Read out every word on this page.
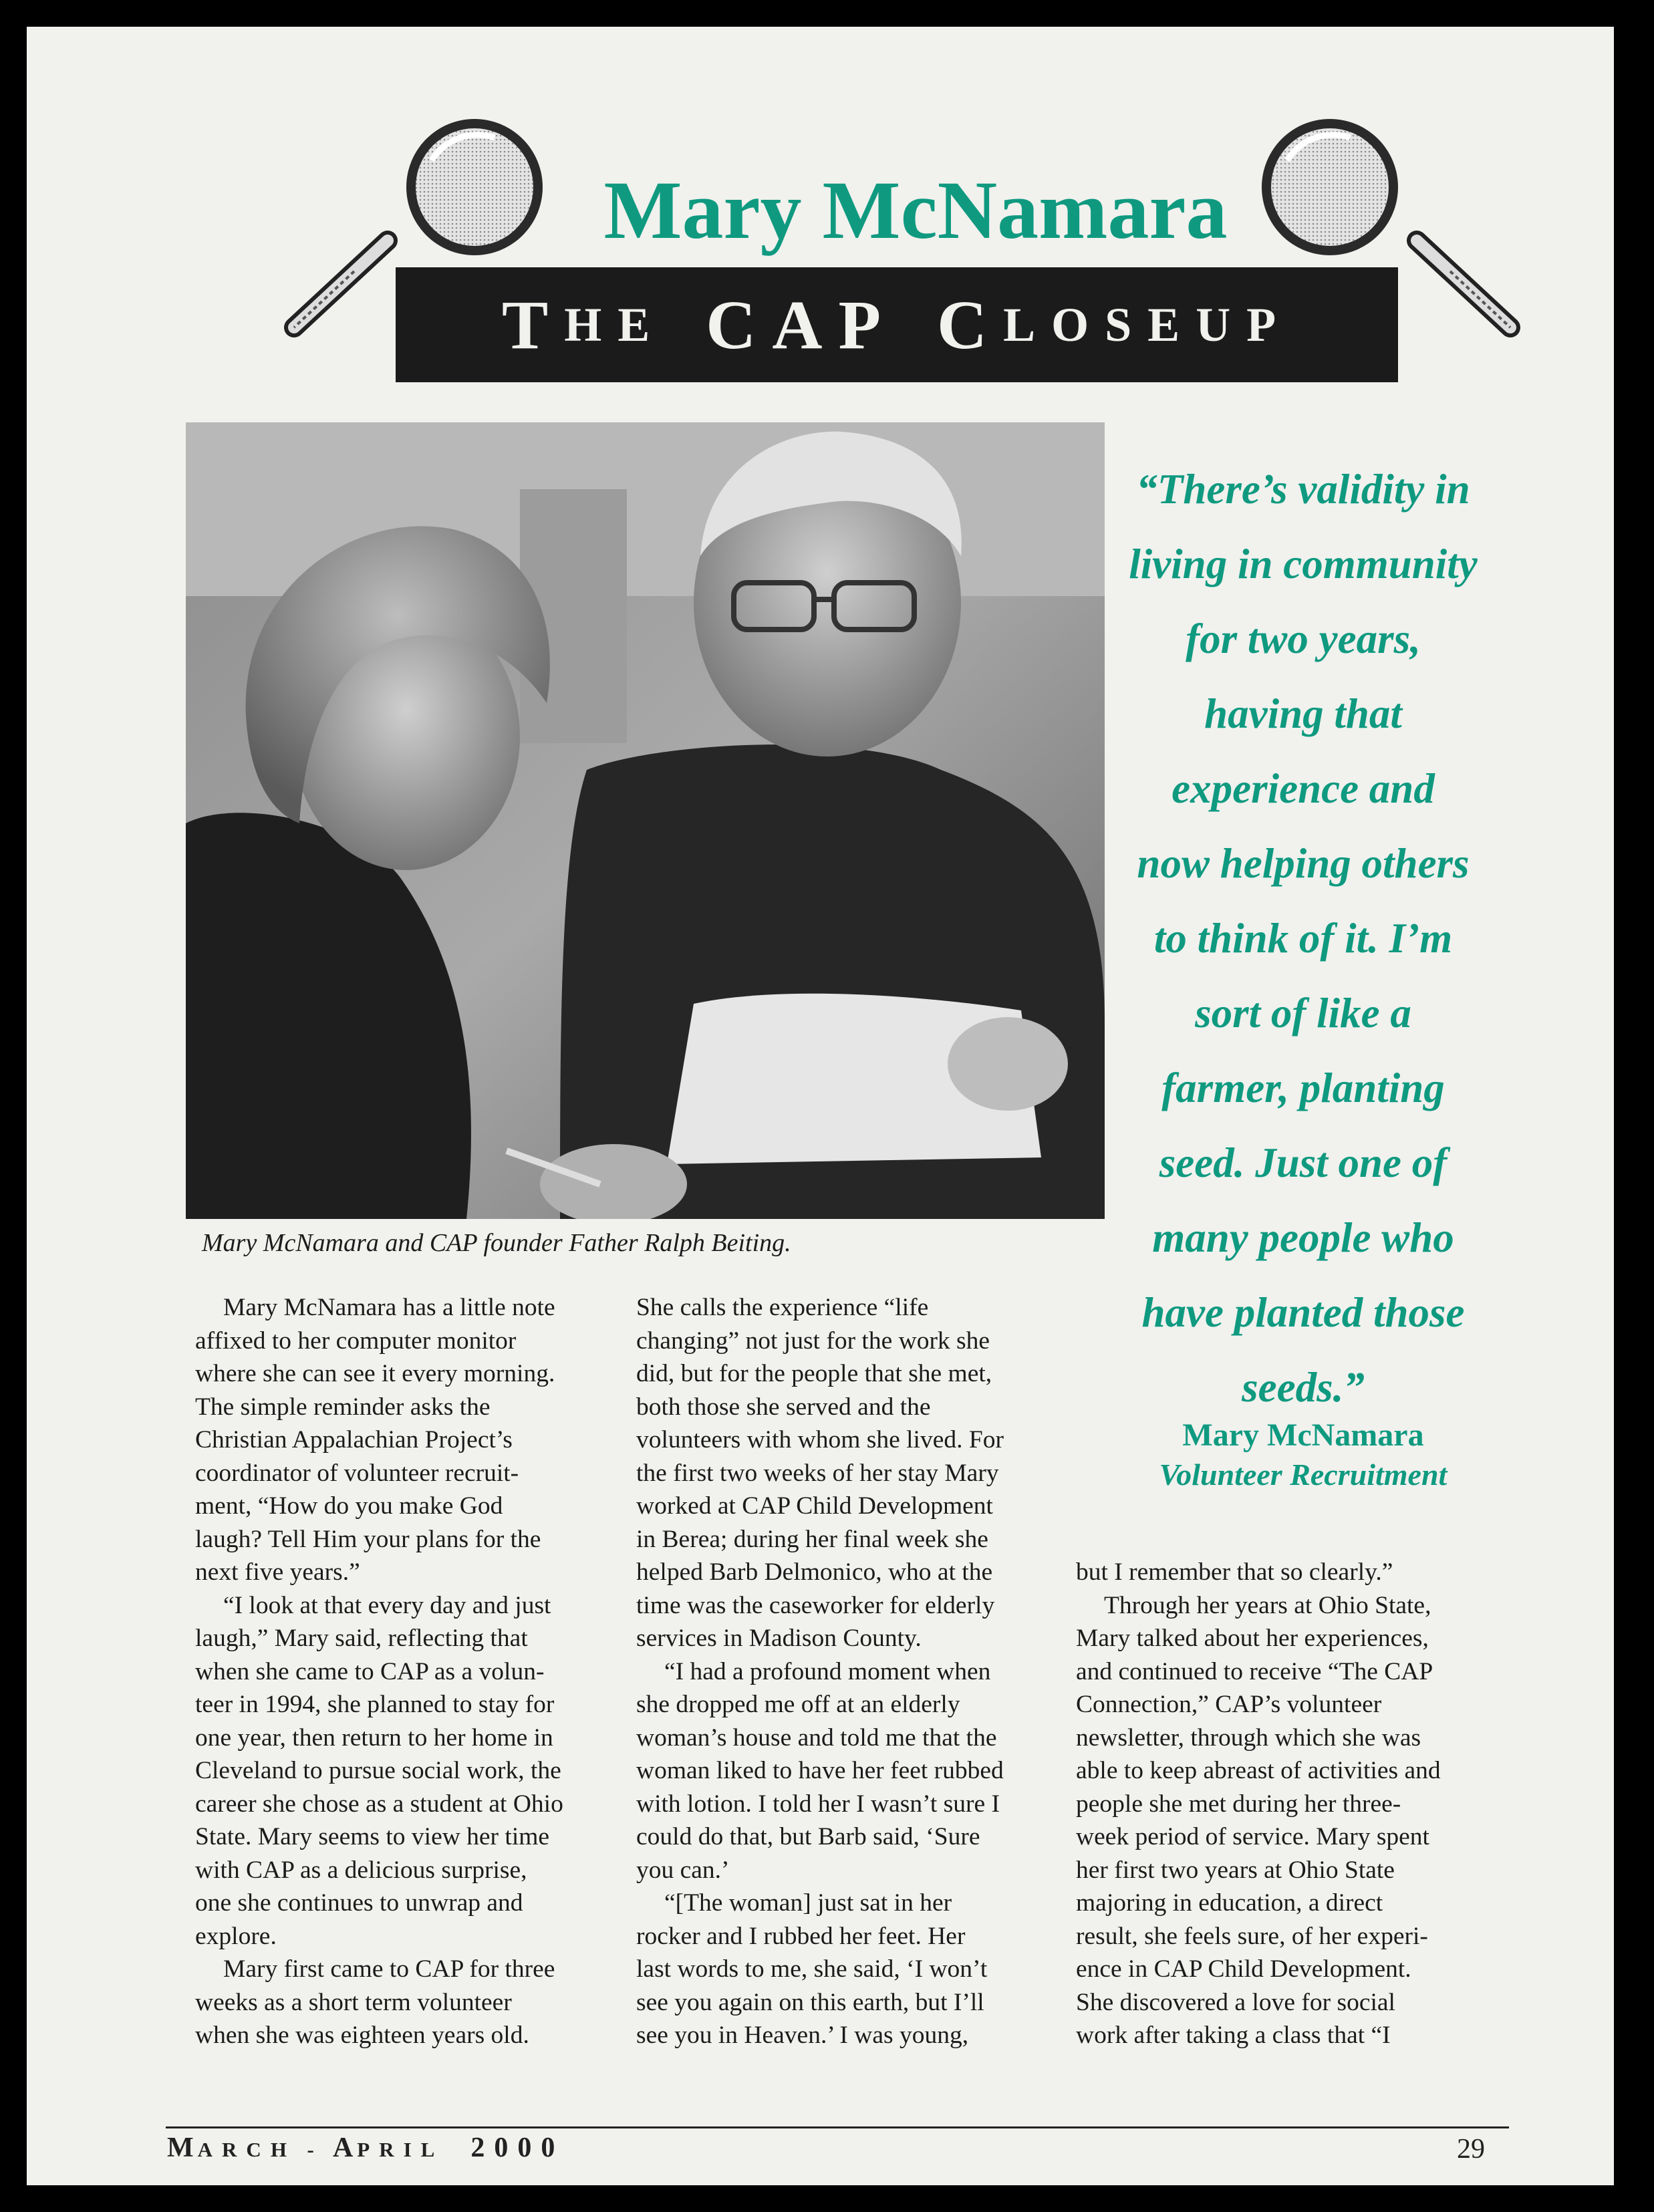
Mary McNamara
T HE CAP C LOSEUP
Mary McNamara and CAP founder Father Ralph Beiting.
“There’s validity in
living in community
for two years,
having that
experience and
now helping others
to think of it. I’m
sort of like a
farmer, planting
seed. Just one of
many people who
have planted those
seeds.”
Mary McNamara
Volunteer Recruitment
Mary McNamara has a little note
affixed to her computer monitor
where she can see it every morning.
The simple reminder asks the
Christian Appalachian Project’s
coordinator of volunteer recruit-
ment, “How do you make God
laugh? Tell Him your plans for the
next five years.”
“I look at that every day and just
laugh,” Mary said, reflecting that
when she came to CAP as a volun-
teer in 1994, she planned to stay for
one year, then return to her home in
Cleveland to pursue social work, the
career she chose as a student at Ohio
State. Mary seems to view her time
with CAP as a delicious surprise,
one she continues to unwrap and
explore.
Mary first came to CAP for three
weeks as a short term volunteer
when she was eighteen years old.
She calls the experience “life
changing” not just for the work she
did, but for the people that she met,
both those she served and the
volunteers with whom she lived. For
the first two weeks of her stay Mary
worked at CAP Child Development
in Berea; during her final week she
helped Barb Delmonico, who at the
time was the caseworker for elderly
services in Madison County.
“I had a profound moment when
she dropped me off at an elderly
woman’s house and told me that the
woman liked to have her feet rubbed
with lotion. I told her I wasn’t sure I
could do that, but Barb said, ‘Sure
you can.’
“[The woman] just sat in her
rocker and I rubbed her feet. Her
last words to me, she said, ‘I won’t
see you again on this earth, but I’ll
see you in Heaven.’ I was young,
but I remember that so clearly.”
Through her years at Ohio State,
Mary talked about her experiences,
and continued to receive “The CAP
Connection,” CAP’s volunteer
newsletter, through which she was
able to keep abreast of activities and
people she met during her three-
week period of service. Mary spent
her first two years at Ohio State
majoring in education, a direct
result, she feels sure, of her experi-
ence in CAP Child Development.
She discovered a love for social
work after taking a class that “I
MARCH - APRIL 2000	29
